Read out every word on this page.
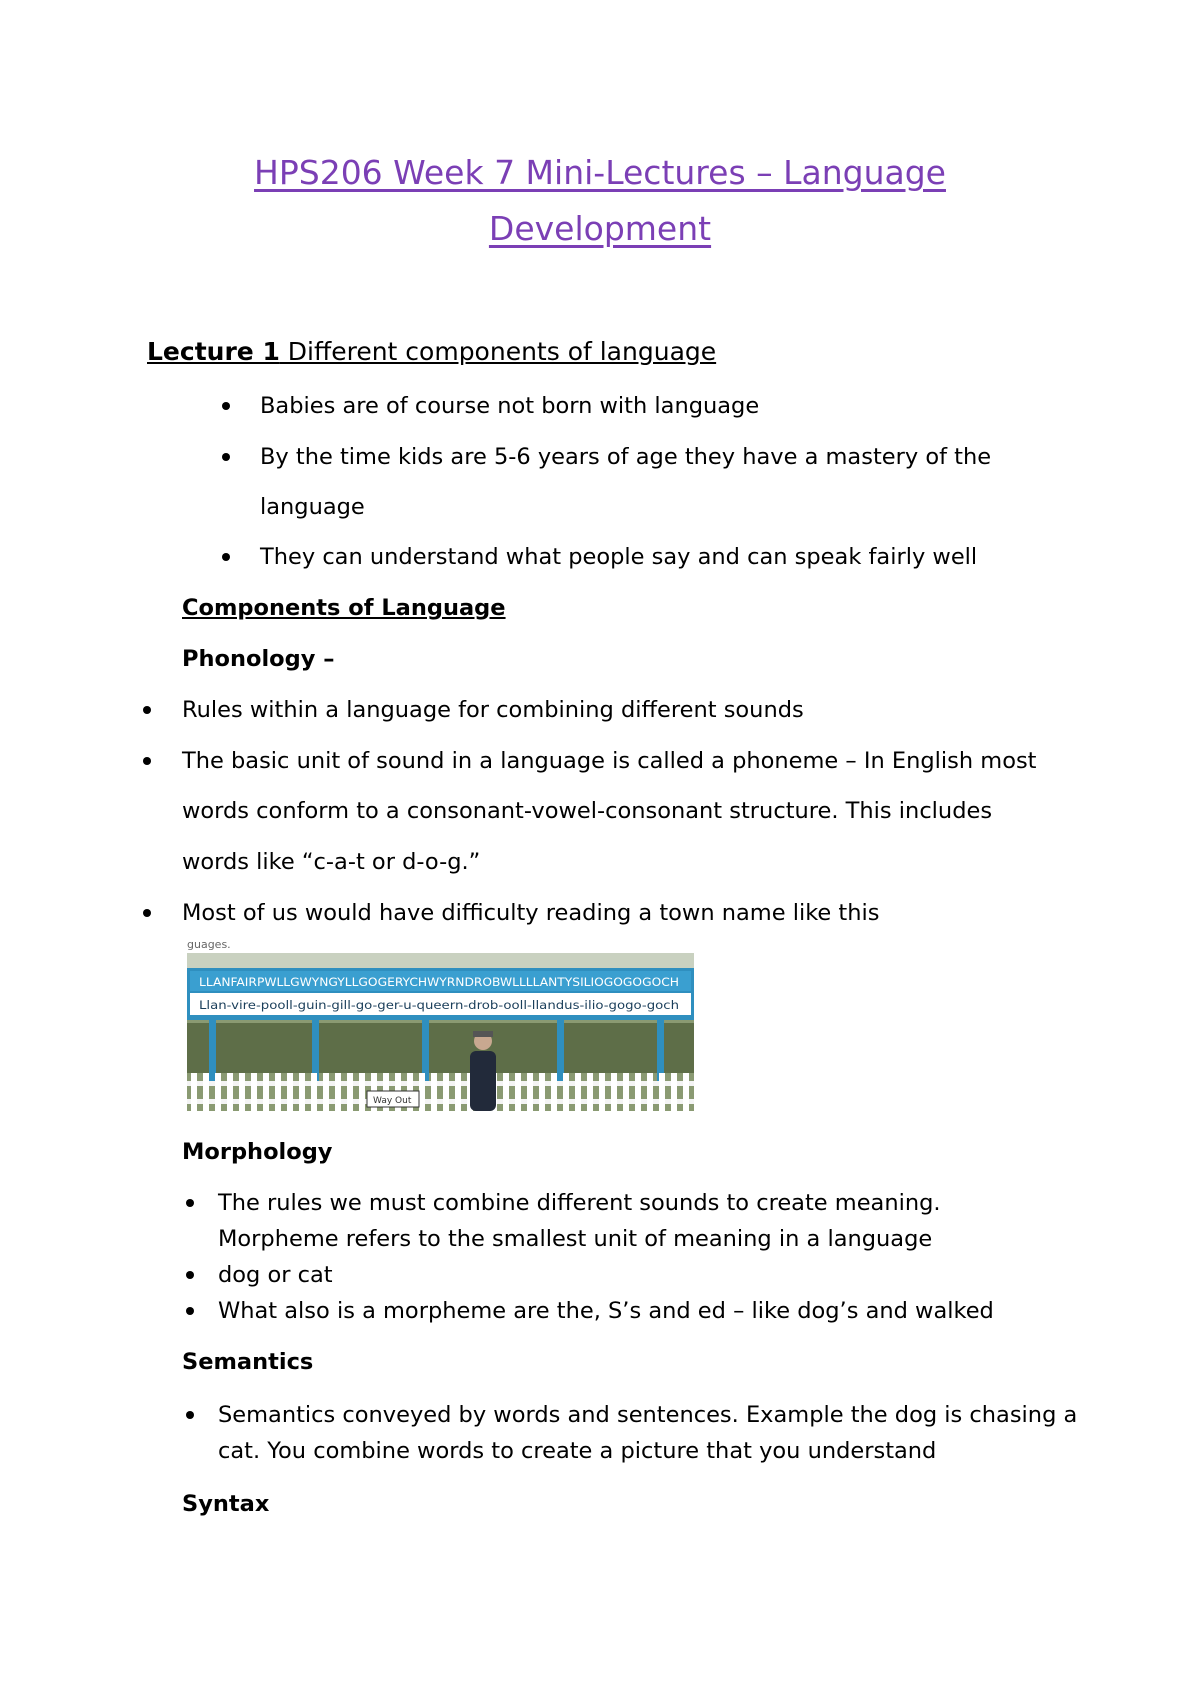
HPS206 Week 7 Mini-Lectures – Language
Development
Lecture 1 Different components of language
Babies are of course not born with language
By the time kids are 5-6 years of age they have a mastery of the
language
They can understand what people say and can speak fairly well
Components of Language
Phonology –
Rules within a language for combining different sounds
The basic unit of sound in a language is called a phoneme – In English most
words conform to a consonant-vowel-consonant structure. This includes
words like “c-a-t or d-o-g.”
Most of us would have difficulty reading a town name like this
guages.
LLANFAIRPWLLGWYNGYLLGOGERYCHWYRNDROBWLLLLANTYSILIOGOGOGOCH
Llan-vire-pooll-guin-gill-go-ger-u-queern-drob-ooll-llandus-ilio-gogo-goch
Way Out
Morphology
The rules we must combine different sounds to create meaning.
Morpheme refers to the smallest unit of meaning in a language
dog or cat
What also is a morpheme are the, S’s and ed – like dog’s and walked
Semantics
Semantics conveyed by words and sentences. Example the dog is chasing a
cat. You combine words to create a picture that you understand
Syntax
